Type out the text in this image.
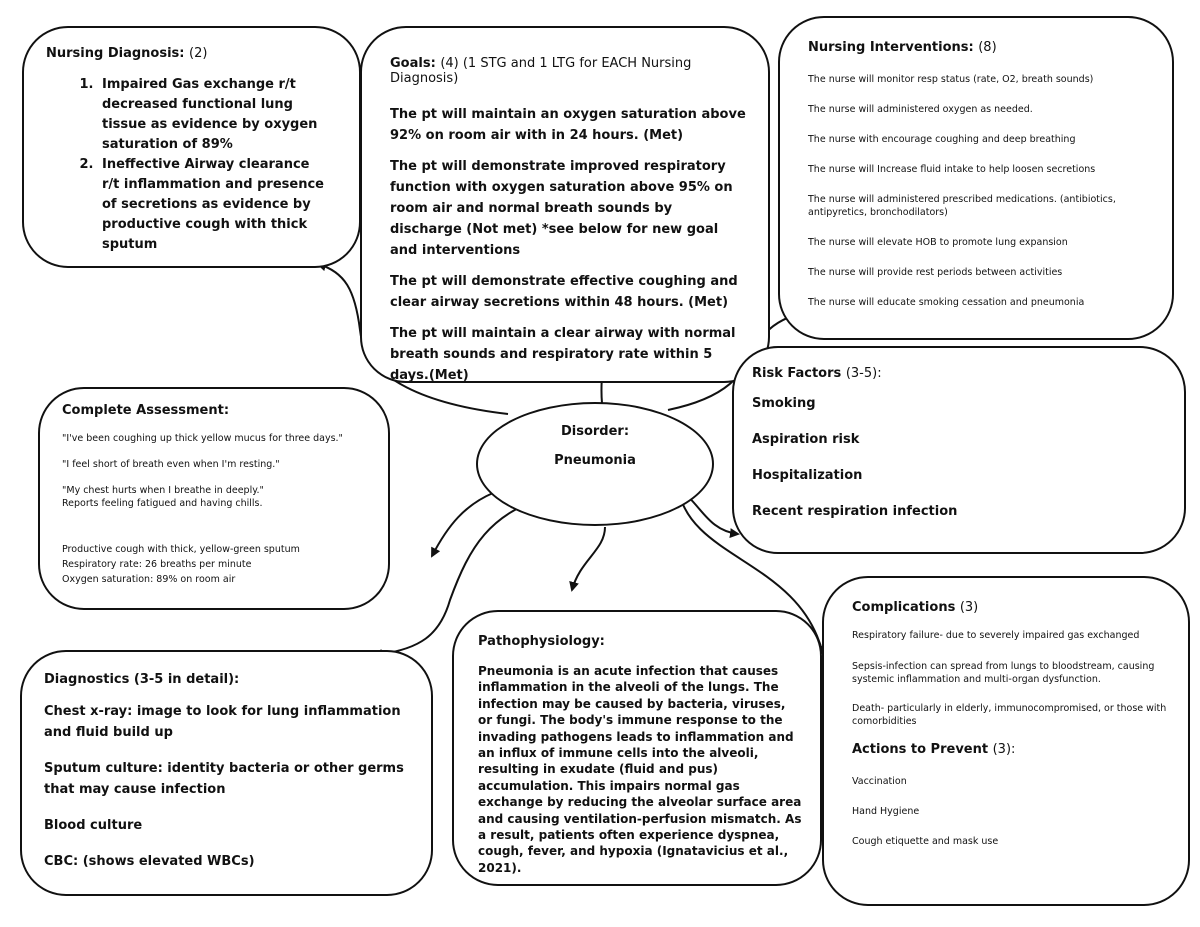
Nursing Diagnosis: (2)
1. Impaired Gas exchange r/t decreased functional lung tissue as evidence by oxygen saturation of 89%
2. Ineffective Airway clearance r/t inflammation and presence of secretions as evidence by productive cough with thick sputum
Goals: (4) (1 STG and 1 LTG for EACH Nursing Diagnosis)

The pt will maintain an oxygen saturation above 92% on room air with in 24 hours. (Met)

The pt will demonstrate improved respiratory function with oxygen saturation above 95% on room air and normal breath sounds by discharge (Not met) *see below for new goal and interventions

The pt will demonstrate effective coughing and clear airway secretions within 48 hours. (Met)

The pt will maintain a clear airway with normal breath sounds and respiratory rate within 5 days.(Met)

Nursing Interventions: (8)

The nurse will monitor resp status (rate, O2, breath sounds)

The nurse will administered oxygen as needed.

The nurse with encourage coughing and deep breathing

The nurse will Increase fluid intake to help loosen secretions

The nurse will administered prescribed medications. (antibiotics, antipyretics, bronchodilators)

The nurse will elevate HOB to promote lung expansion

The nurse will provide rest periods between activities

The nurse will educate smoking cessation and pneumonia

Complete Assessment:

"I've been coughing up thick yellow mucus for three days."

"I feel short of breath even when I'm resting."

"My chest hurts when I breathe in deeply."

Reports feeling fatigued and having chills.

Productive cough with thick, yellow-green sputum

Respiratory rate: 26 breaths per minute

Oxygen saturation: 89% on room air

Disorder:
Pneumonia
Risk Factors (3-5):

Smoking

Aspiration risk

Hospitalization

Recent respiration infection

Diagnostics (3-5 in detail):

Chest x-ray: image to look for lung inflammation and fluid build up

Sputum culture: identity bacteria or other germs that may cause infection

Blood culture

CBC: (shows elevated WBCs)

Pathophysiology:

Pneumonia is an acute infection that causes inflammation in the alveoli of the lungs. The infection may be caused by bacteria, viruses, or fungi. The body's immune response to the invading pathogens leads to inflammation and an influx of immune cells into the alveoli, resulting in exudate (fluid and pus) accumulation. This impairs normal gas exchange by reducing the alveolar surface area and causing ventilation-perfusion mismatch. As a result, patients often experience dyspnea, cough, fever, and hypoxia (Ignatavicius et al., 2021).

Complications (3)

Respiratory failure- due to severely impaired gas exchanged

Sepsis-infection can spread from lungs to bloodstream, causing systemic inflammation and multi-organ dysfunction.

Death- particularly in elderly, immunocompromised, or those with comorbidities

Actions to Prevent (3):

Vaccination

Hand Hygiene

Cough etiquette and mask use
